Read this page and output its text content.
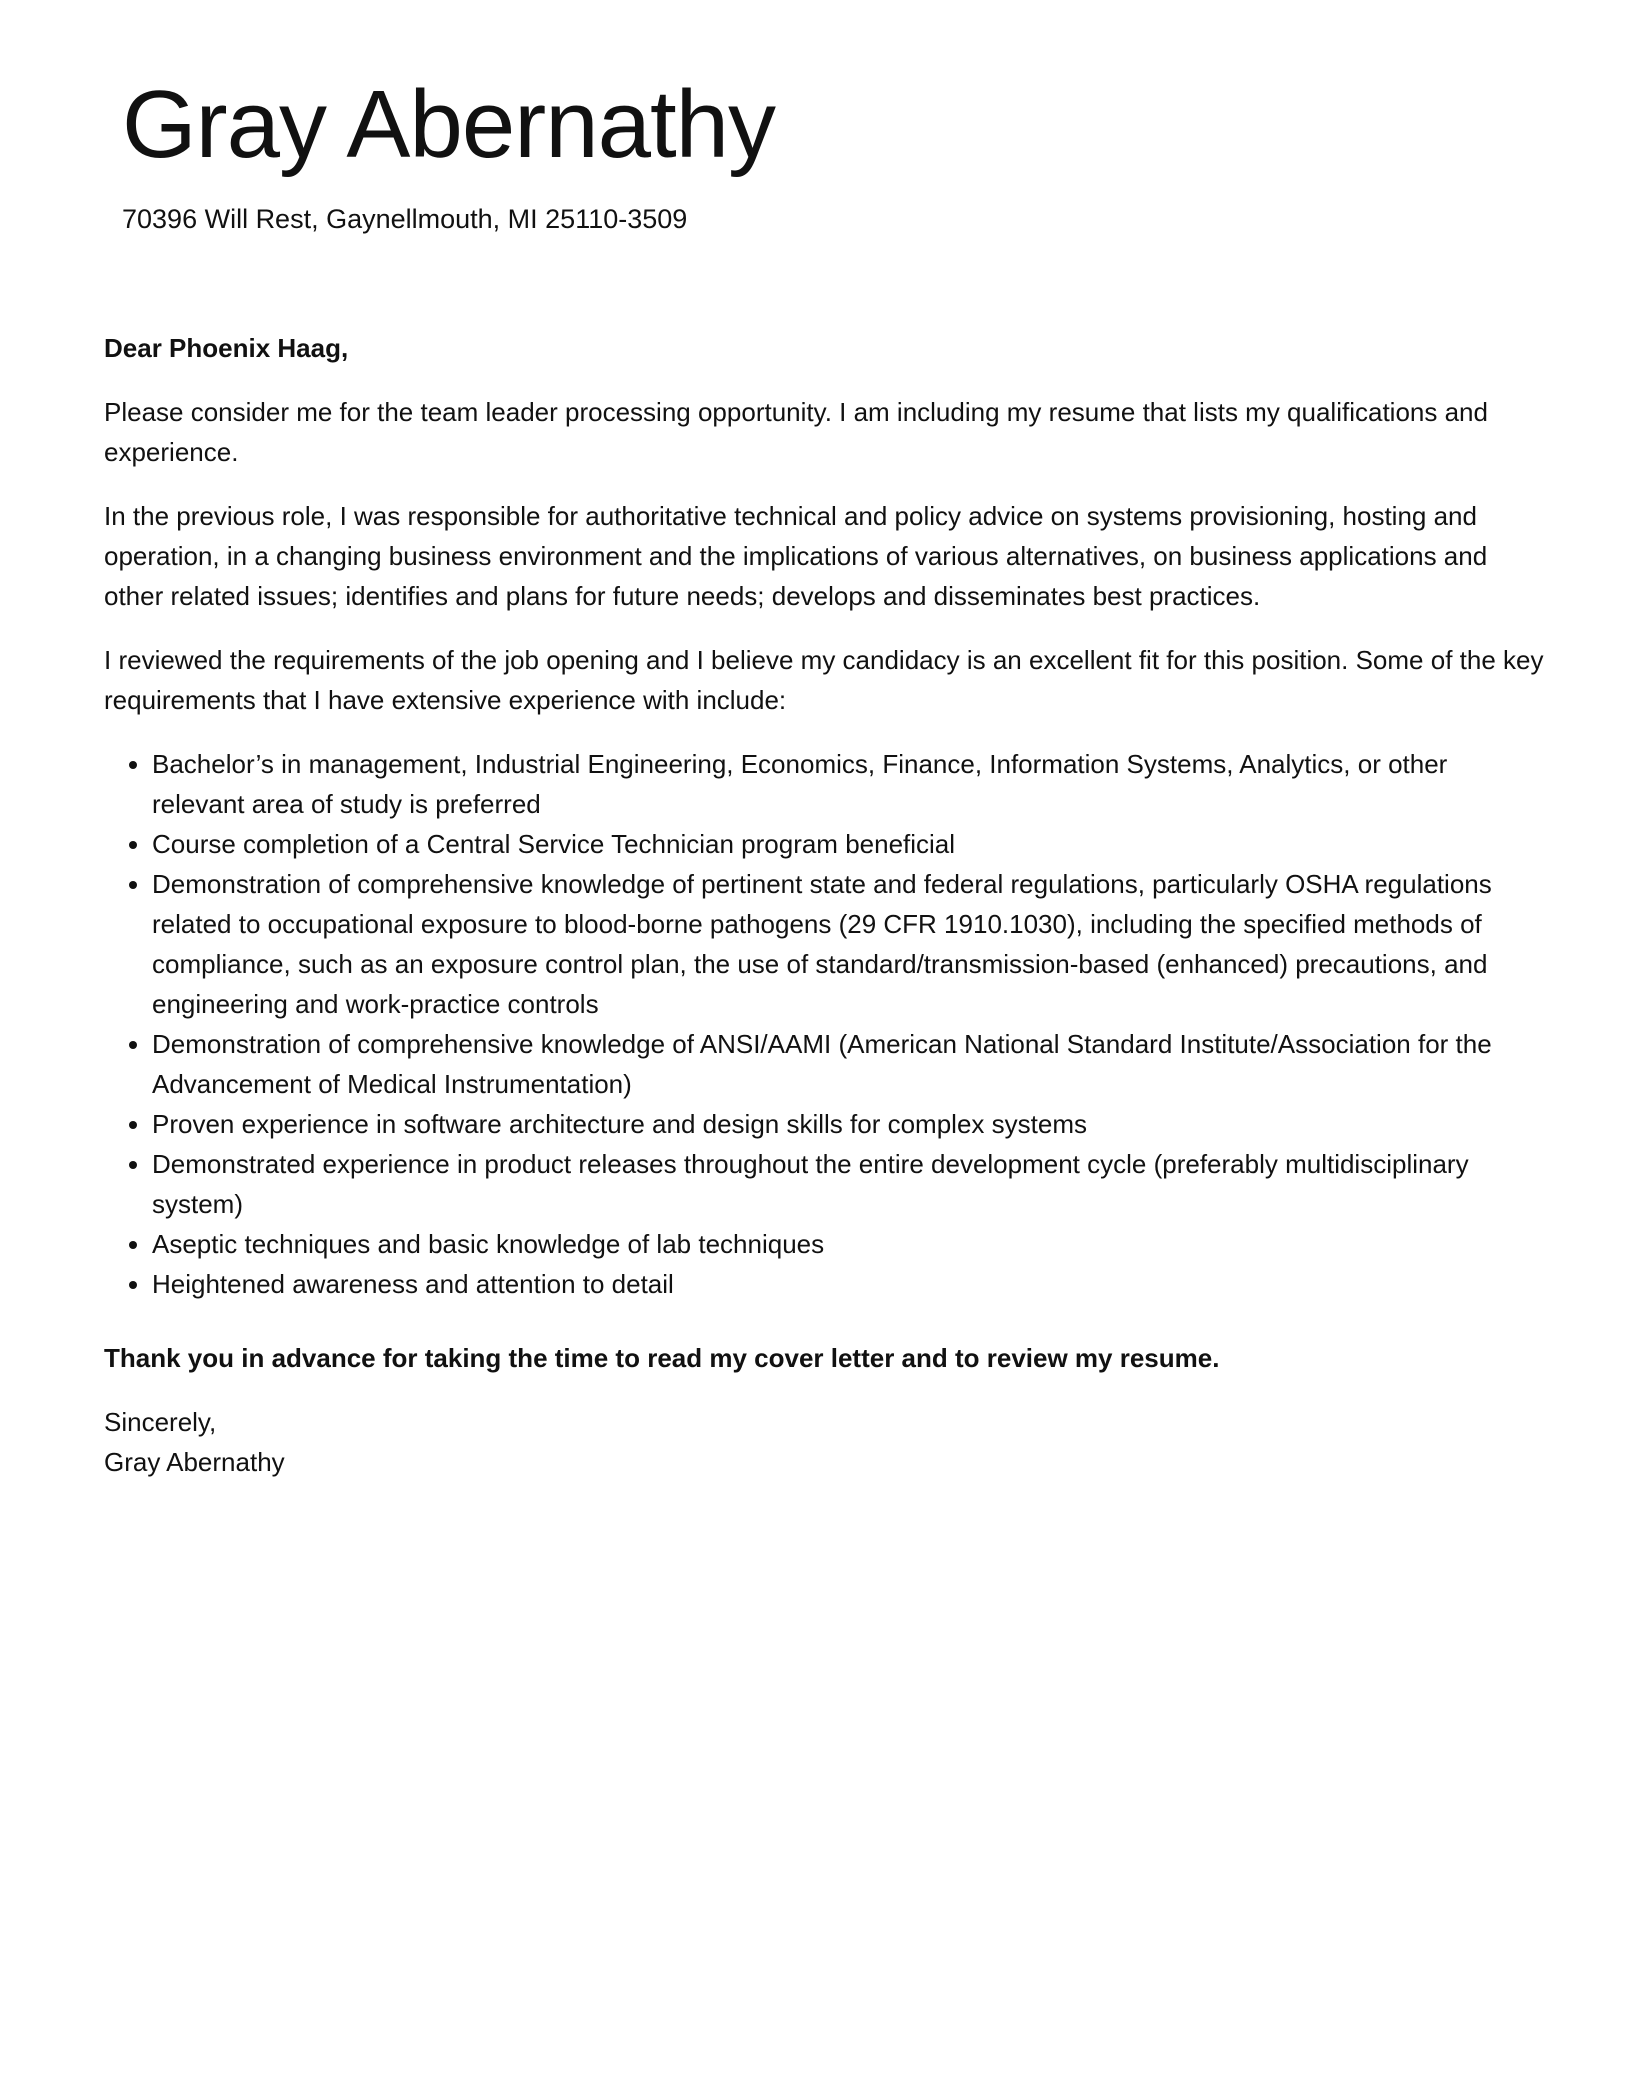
Gray Abernathy
70396 Will Rest, Gaynellmouth, MI 25110-3509

Dear Phoenix Haag,

Please consider me for the team leader processing opportunity. I am including my resume that lists my qualifications and experience.

In the previous role, I was responsible for authoritative technical and policy advice on systems provisioning, hosting and operation, in a changing business environment and the implications of various alternatives, on business applications and other related issues; identifies and plans for future needs; develops and disseminates best practices.

I reviewed the requirements of the job opening and I believe my candidacy is an excellent fit for this position. Some of the key requirements that I have extensive experience with include:

• Bachelor’s in management, Industrial Engineering, Economics, Finance, Information Systems, Analytics, or other relevant area of study is preferred
• Course completion of a Central Service Technician program beneficial
• Demonstration of comprehensive knowledge of pertinent state and federal regulations, particularly OSHA regulations related to occupational exposure to blood-borne pathogens (29 CFR 1910.1030), including the specified methods of compliance, such as an exposure control plan, the use of standard/transmission-based (enhanced) precautions, and engineering and work-practice controls
• Demonstration of comprehensive knowledge of ANSI/AAMI (American National Standard Institute/Association for the Advancement of Medical Instrumentation)
• Proven experience in software architecture and design skills for complex systems
• Demonstrated experience in product releases throughout the entire development cycle (preferably multidisciplinary system)
• Aseptic techniques and basic knowledge of lab techniques
• Heightened awareness and attention to detail

Thank you in advance for taking the time to read my cover letter and to review my resume.

Sincerely,

Gray Abernathy
